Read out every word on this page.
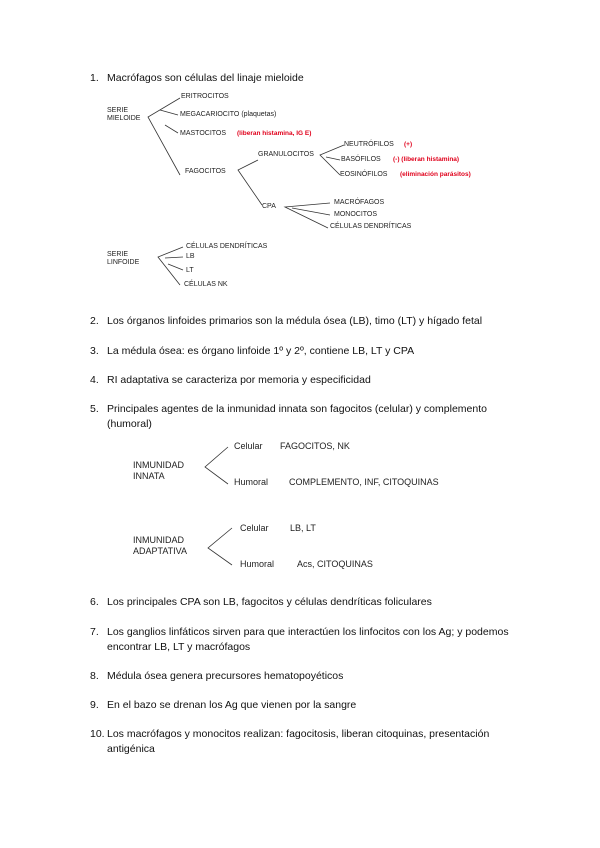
1. Macrófagos son células del linaje mieloide
SERIE
MIELOIDE
ERITROCITOS
MEGACARIOCITO (plaquetas)
MASTOCITOS (liberan histamina, IG E)
FAGOCITOS
GRANULOCITOS
NEUTRÓFILOS (+)
BASÓFILOS (-) (liberan histamina)
EOSINÓFILOS (eliminación parásitos)
CPA
MACRÓFAGOS
MONOCITOS
CÉLULAS DENDRÍTICAS
SERIE
LINFOIDE
CÉLULAS DENDRÍTICAS
LB
LT
CÉLULAS NK
2. Los órganos linfoides primarios son la médula ósea (LB), timo (LT) y hígado fetal
3. La médula ósea: es órgano linfoide 1º y 2º, contiene LB, LT y CPA
4. RI adaptativa se caracteriza por memoria y especificidad
5. Principales agentes de la inmunidad innata son fagocitos (celular) y complemento (humoral)
INMUNIDAD
INNATA
Celular FAGOCITOS, NK
Humoral COMPLEMENTO, INF, CITOQUINAS
INMUNIDAD
ADAPTATIVA
Celular LB, LT
Humoral	Acs, CITOQUINAS
6. Los principales CPA son LB, fagocitos y células dendríticas foliculares
7. Los ganglios linfáticos sirven para que interactúen los linfocitos con los Ag; y podemos encontrar LB, LT y macrófagos
8. Médula ósea genera precursores hematopoyéticos
9. En el bazo se drenan los Ag que vienen por la sangre
10. Los macrófagos y monocitos realizan: fagocitosis, liberan citoquinas, presentación antigénica
